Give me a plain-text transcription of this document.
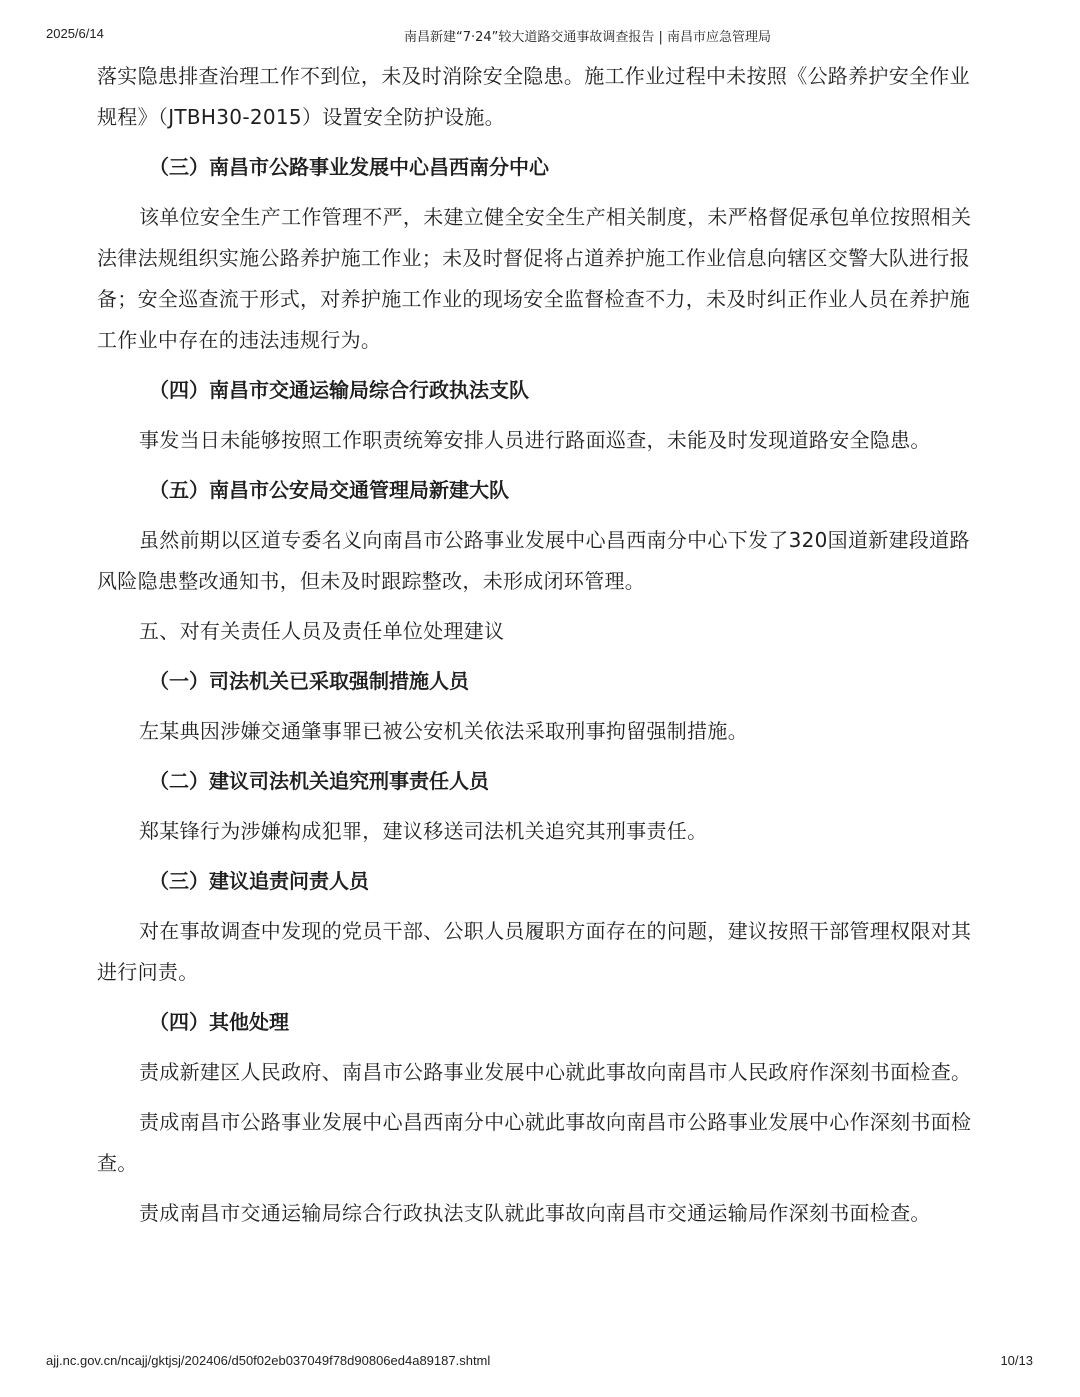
2025/6/14	南昌新建“7·24”较大道路交通事故调查报告 | 南昌市应急管理局

落实隐患排查治理工作不到位，未及时消除安全隐患。施工作业过程中未按照《公路养护安全作业规程》（JTBH30-2015）设置安全防护设施。

（三）南昌市公路事业发展中心昌西南分中心

该单位安全生产工作管理不严，未建立健全安全生产相关制度，未严格督促承包单位按照相关法律法规组织实施公路养护施工作业；未及时督促将占道养护施工作业信息向辖区交警大队进行报备；安全巡查流于形式，对养护施工作业的现场安全监督检查不力，未及时纠正作业人员在养护施工作业中存在的违法违规行为。

（四）南昌市交通运输局综合行政执法支队

事发当日未能够按照工作职责统筹安排人员进行路面巡查，未能及时发现道路安全隐患。

（五）南昌市公安局交通管理局新建大队

虽然前期以区道专委名义向南昌市公路事业发展中心昌西南分中心下发了320国道新建段道路风险隐患整改通知书，但未及时跟踪整改，未形成闭环管理。

五、对有关责任人员及责任单位处理建议

（一）司法机关已采取强制措施人员

左某典因涉嫌交通肇事罪已被公安机关依法采取刑事拘留强制措施。

（二）建议司法机关追究刑事责任人员

郑某锋行为涉嫌构成犯罪，建议移送司法机关追究其刑事责任。

（三）建议追责问责人员

对在事故调查中发现的党员干部、公职人员履职方面存在的问题，建议按照干部管理权限对其进行问责。

（四）其他处理

责成新建区人民政府、南昌市公路事业发展中心就此事故向南昌市人民政府作深刻书面检查。

责成南昌市公路事业发展中心昌西南分中心就此事故向南昌市公路事业发展中心作深刻书面检查。

责成南昌市交通运输局综合行政执法支队就此事故向南昌市交通运输局作深刻书面检查。

ajj.nc.gov.cn/ncajj/gktjsj/202406/d50f02eb037049f78d90806ed4a89187.shtml	10/13
